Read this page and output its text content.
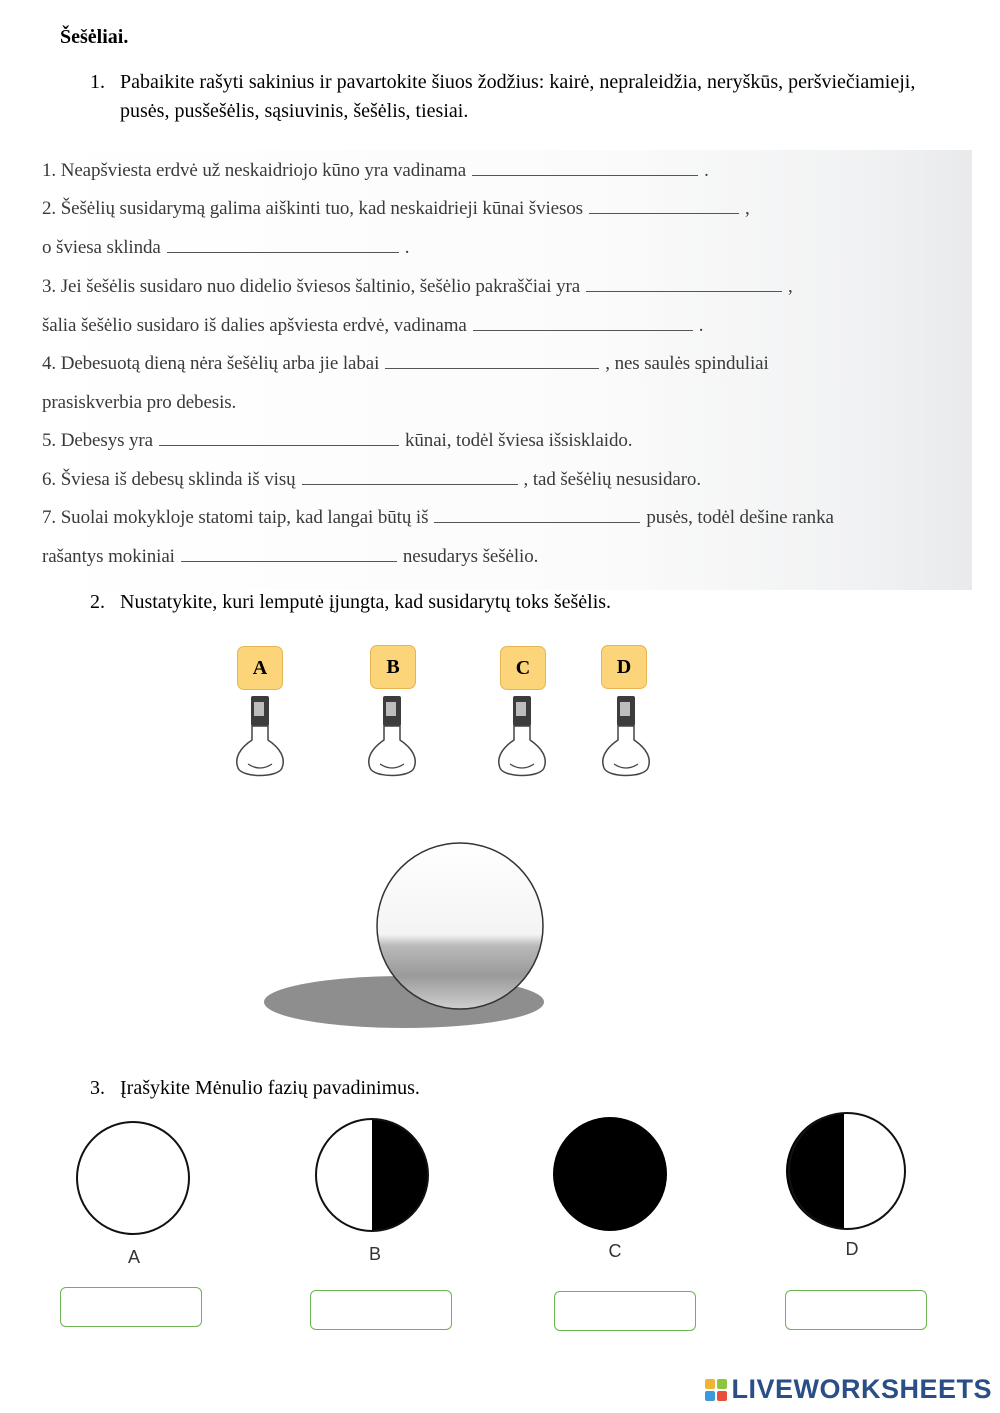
Šešėliai.
1. Pabaikite rašyti sakinius ir pavartokite šiuos žodžius: kairė, nepraleidžia, neryškūs, peršviečiamieji, pusės, pusšešėlis, sąsiuvinis, šešėlis, tiesiai.
1. Neapšviesta erdvė už neskaidriojo kūno yra vadinama	.
2. Šešėlių susidarymą galima aiškinti tuo, kad neskaidrieji kūnai šviesos	,
o šviesa sklinda	.
3. Jei šešėlis susidaro nuo didelio šviesos šaltinio, šešėlio pakraščiai yra	,
šalia šešėlio susidaro iš dalies apšviesta erdvė, vadinama	.
4. Debesuotą dieną nėra šešėlių arba jie labai	, nes saulės spinduliai
prasiskverbia pro debesis.
5. Debesys yra	kūnai, todėl šviesa išsisklaido.
6. Šviesa iš debesų sklinda iš visų	, tad šešėlių nesusidaro.
7. Suolai mokykloje statomi taip, kad langai būtų iš	pusės, todėl dešine ranka
rašantys mokiniai	nesudarys šešėlio.
2. Nustatykite, kuri lemputė įjungta, kad susidarytų toks šešėlis.
A	B	C	D
3. Įrašykite Mėnulio fazių pavadinimus.
A	B	C	D
LIVEWORKSHEETS
